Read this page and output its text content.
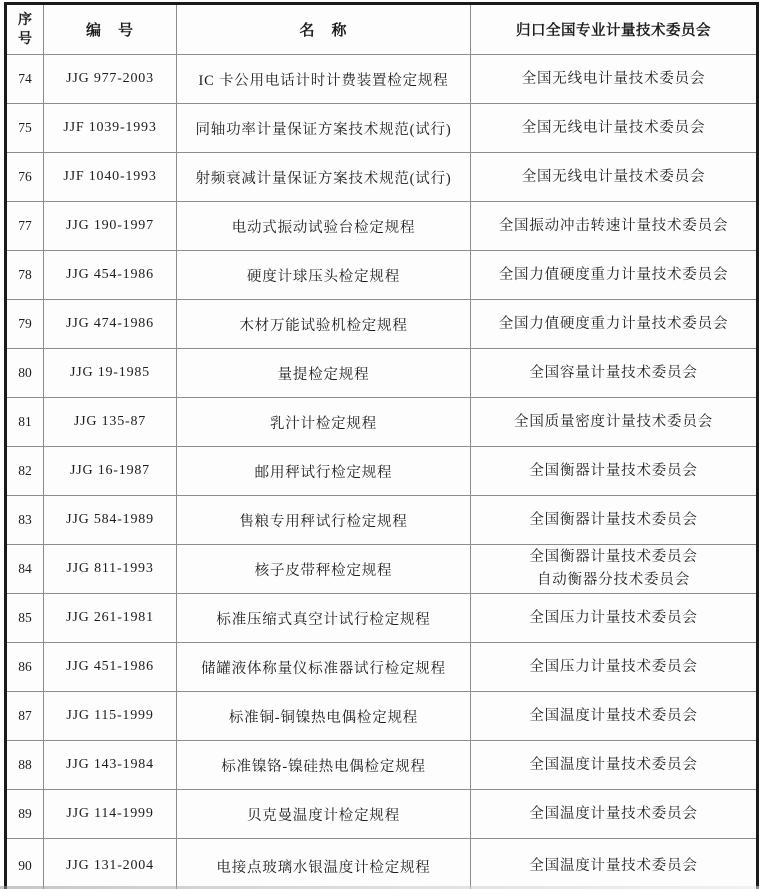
序
号	编　号	名　称	归口全国专业计量技术委员会
74	JJG 977-2003	IC 卡公用电话计时计费装置检定规程	全国无线电计量技术委员会

75	JJF 1039-1993	同轴功率计量保证方案技术规范(试行)	全国无线电计量技术委员会

76	JJF 1040-1993	射频衰减计量保证方案技术规范(试行)	全国无线电计量技术委员会

77	JJG 190-1997	电动式振动试验台检定规程	全国振动冲击转速计量技术委员会

78	JJG 454-1986	硬度计球压头检定规程	全国力值硬度重力计量技术委员会

79	JJG 474-1986	木材万能试验机检定规程	全国力值硬度重力计量技术委员会

80	JJG 19-1985	量提检定规程	全国容量计量技术委员会

81	JJG 135-87	乳汁计检定规程	全国质量密度计量技术委员会

82	JJG 16-1987	邮用秤试行检定规程	全国衡器计量技术委员会

83	JJG 584-1989	售粮专用秤试行检定规程	全国衡器计量技术委员会

84	JJG 811-1993	核子皮带秤检定规程	全国衡器计量技术委员会
自动衡器分技术委员会

85	JJG 261-1981	标准压缩式真空计试行检定规程	全国压力计量技术委员会

86	JJG 451-1986	储罐液体称量仪标准器试行检定规程	全国压力计量技术委员会

87	JJG 115-1999	标准铜-铜镍热电偶检定规程	全国温度计量技术委员会

88	JJG 143-1984	标准镍铬-镍硅热电偶检定规程	全国温度计量技术委员会

89	JJG 114-1999	贝克曼温度计检定规程	全国温度计量技术委员会

90	JJG 131-2004	电接点玻璃水银温度计检定规程	全国温度计量技术委员会
